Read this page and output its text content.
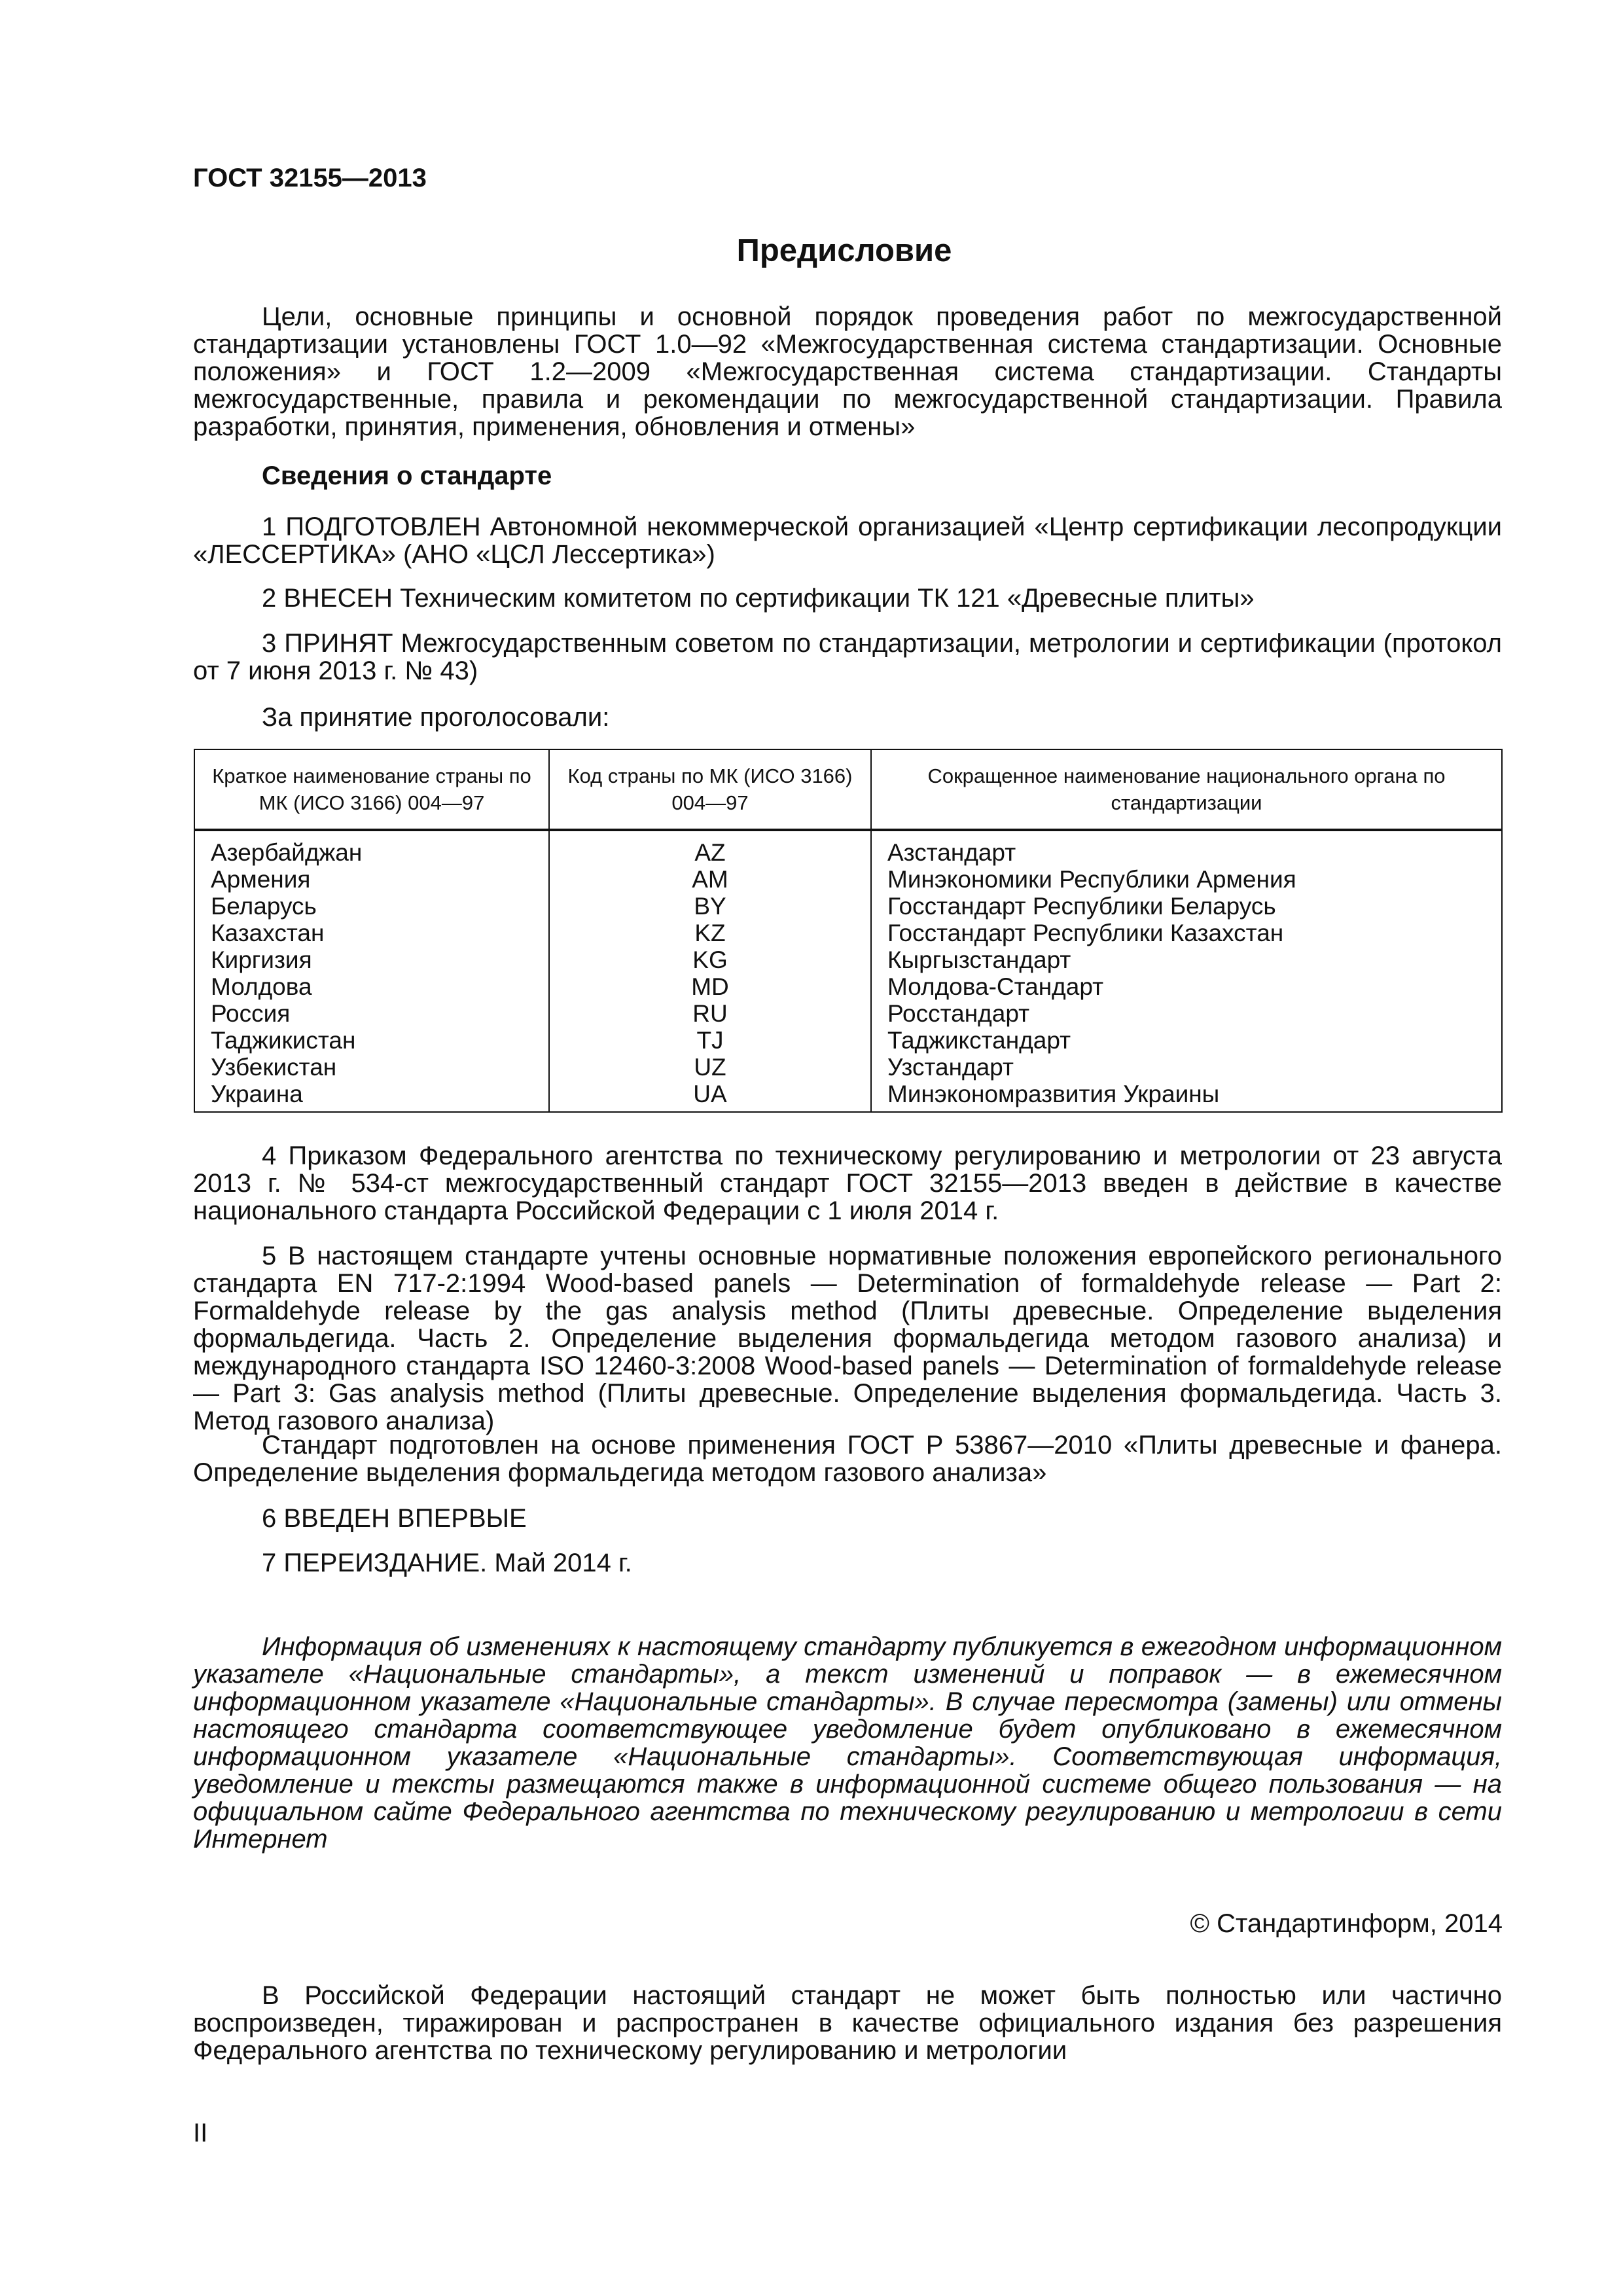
ГОСТ 32155—2013
Предисловие
Цели, основные принципы и основной порядок проведения работ по межгосударственной стандартизации установлены ГОСТ 1.0—92 «Межгосударственная система стандартизации. Основные положения» и ГОСТ 1.2—2009 «Межгосударственная система стандартизации. Стандарты межгосударственные, правила и рекомендации по межгосударственной стандартизации. Правила разработки, принятия, применения, обновления и отмены»
Сведения о стандарте
1 ПОДГОТОВЛЕН Автономной некоммерческой организацией «Центр сертификации лесопродукции «ЛЕССЕРТИКА» (АНО «ЦСЛ Лессертика»)
2 ВНЕСЕН Техническим комитетом по сертификации ТК 121 «Древесные плиты»
3 ПРИНЯТ Межгосударственным советом по стандартизации, метрологии и сертификации (протокол от 7 июня 2013 г. № 43)
За принятие проголосовали:
Краткое наименование страны по МК (ИСО 3166) 004—97	Код страны по МК (ИСО 3166) 004—97	Сокращенное наименование национального органа по стандартизации
Азербайджан	AZ	Азстандарт
Армения	AM	Минэкономики Республики Армения
Беларусь	BY	Госстандарт Республики Беларусь
Казахстан	KZ	Госстандарт Республики Казахстан
Киргизия	KG	Кыргызстандарт
Молдова	MD	Молдова-Стандарт
Россия	RU	Росстандарт
Таджикистан	TJ	Таджикстандарт
Узбекистан	UZ	Узстандарт
Украина	UA	Минэкономразвития Украины
4 Приказом Федерального агентства по техническому регулированию и метрологии от 23 августа 2013 г. № 534-ст межгосударственный стандарт ГОСТ 32155—2013 введен в действие в качестве национального стандарта Российской Федерации с 1 июля 2014 г.
5 В настоящем стандарте учтены основные нормативные положения европейского регионального стандарта EN 717-2:1994 Wood-based panels — Determination of formaldehyde release — Part 2: Formaldehyde release by the gas analysis method (Плиты древесные. Определение выделения формальдегида. Часть 2. Определение выделения формальдегида методом газового анализа) и международного стандарта ISO 12460-3:2008 Wood-based panels — Determination of formaldehyde release — Part 3: Gas analysis method (Плиты древесные. Определение выделения формальдегида. Часть 3. Метод газового анализа)
Стандарт подготовлен на основе применения ГОСТ Р 53867—2010 «Плиты древесные и фанера. Определение выделения формальдегида методом газового анализа»
6 ВВЕДЕН ВПЕРВЫЕ
7 ПЕРЕИЗДАНИЕ. Май 2014 г.
Информация об изменениях к настоящему стандарту публикуется в ежегодном информационном указателе «Национальные стандарты», а текст изменений и поправок — в ежемесячном информационном указателе «Национальные стандарты». В случае пересмотра (замены) или отмены настоящего стандарта соответствующее уведомление будет опубликовано в ежемесячном информационном указателе «Национальные стандарты». Соответствующая информация, уведомление и тексты размещаются также в информационной системе общего пользования — на официальном сайте Федерального агентства по техническому регулированию и метрологии в сети Интернет
© Стандартинформ, 2014
В Российской Федерации настоящий стандарт не может быть полностью или частично воспроизведен, тиражирован и распространен в качестве официального издания без разрешения Федерального агентства по техническому регулированию и метрологии
II
